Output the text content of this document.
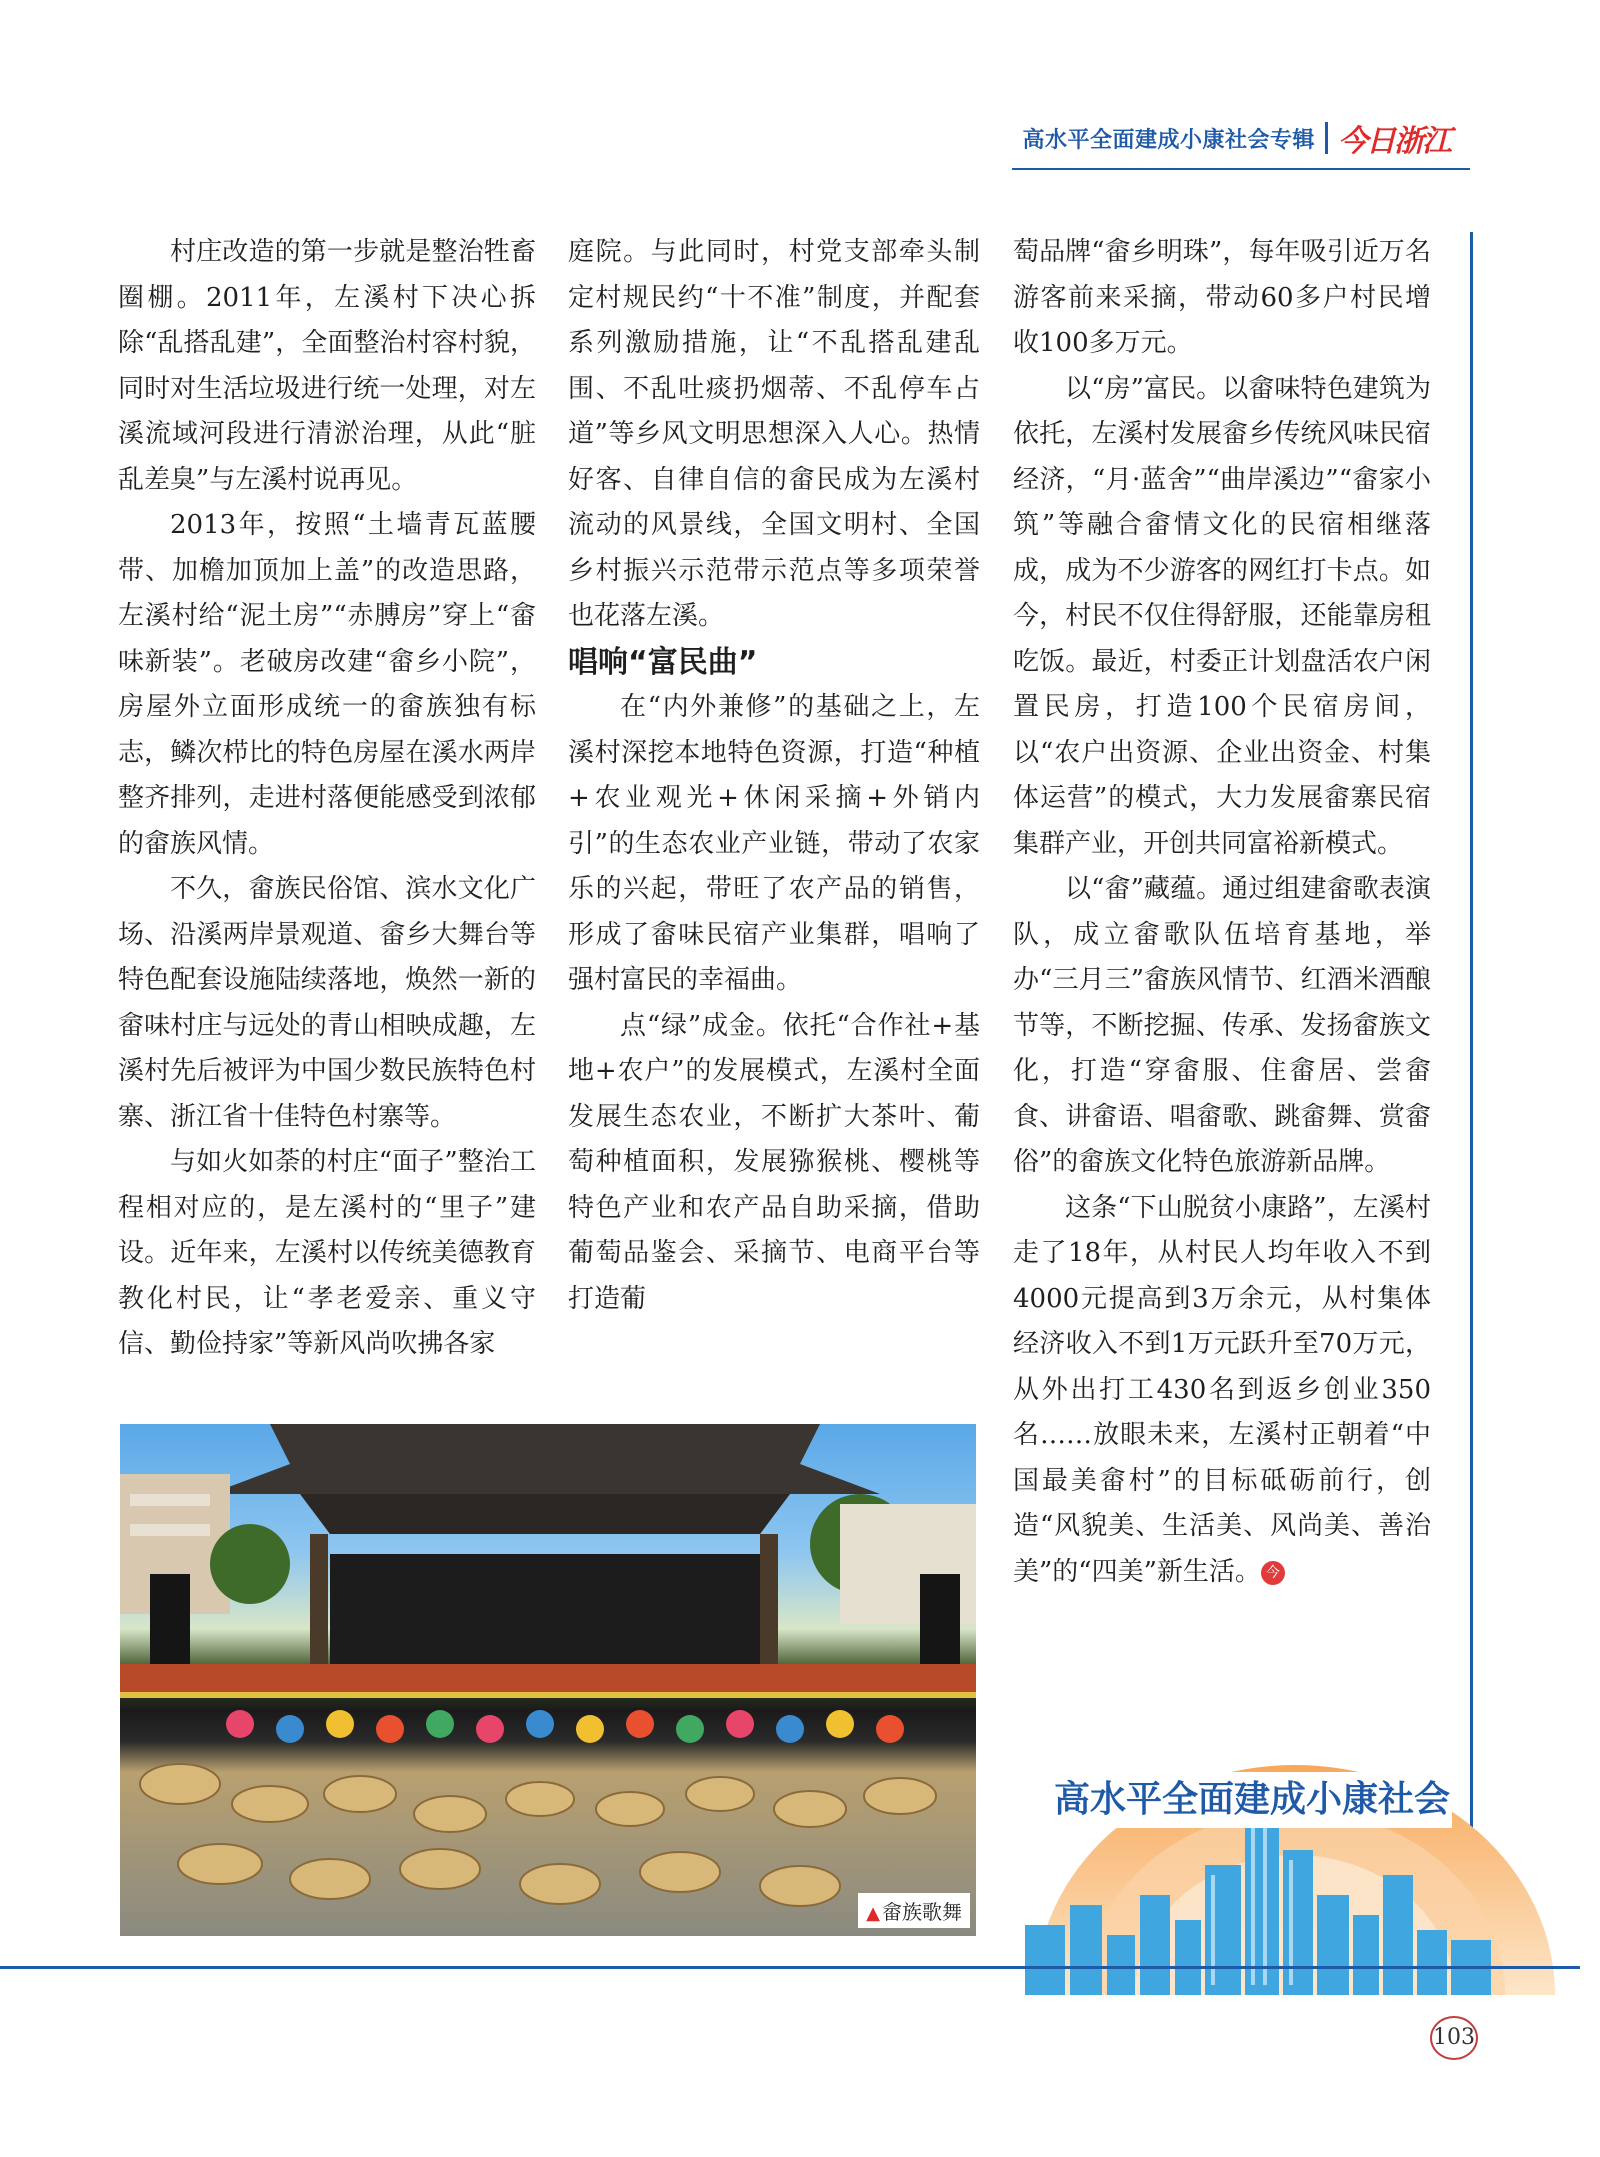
高水平全面建成小康社会专辑 今日浙江

村庄改造的第一步就是整治牲畜圈棚。2011年，左溪村下决心拆除“乱搭乱建”，全面整治村容村貌，同时对生活垃圾进行统一处理，对左溪流域河段进行清淤治理，从此“脏乱差臭”与左溪村说再见。

2013年，按照“土墙青瓦蓝腰带、加檐加顶加上盖”的改造思路，左溪村给“泥土房”“赤膊房”穿上“畲味新装”。老破房改建“畲乡小院”，房屋外立面形成统一的畲族独有标志，鳞次栉比的特色房屋在溪水两岸整齐排列，走进村落便能感受到浓郁的畲族风情。

不久，畲族民俗馆、滨水文化广场、沿溪两岸景观道、畲乡大舞台等特色配套设施陆续落地，焕然一新的畲味村庄与远处的青山相映成趣，左溪村先后被评为中国少数民族特色村寨、浙江省十佳特色村寨等。

与如火如荼的村庄“面子”整治工程相对应的，是左溪村的“里子”建设。近年来，左溪村以传统美德教育教化村民，让“孝老爱亲、重义守信、勤俭持家”等新风尚吹拂各家

庭院。与此同时，村党支部牵头制定村规民约“十不准”制度，并配套系列激励措施，让“不乱搭乱建乱围、不乱吐痰扔烟蒂、不乱停车占道”等乡风文明思想深入人心。热情好客、自律自信的畲民成为左溪村流动的风景线，全国文明村、全国乡村振兴示范带示范点等多项荣誉也花落左溪。

唱响“富民曲”

在“内外兼修”的基础之上，左溪村深挖本地特色资源，打造“种植+农业观光+休闲采摘+外销内引”的生态农业产业链，带动了农家乐的兴起，带旺了农产品的销售，形成了畲味民宿产业集群，唱响了强村富民的幸福曲。

点“绿”成金。依托“合作社+基地+农户”的发展模式，左溪村全面发展生态农业，不断扩大茶叶、葡萄种植面积，发展猕猴桃、樱桃等特色产业和农产品自助采摘，借助葡萄品鉴会、采摘节、电商平台等打造葡

萄品牌“畲乡明珠”，每年吸引近万名游客前来采摘，带动60多户村民增收100多万元。

以“房”富民。以畲味特色建筑为依托，左溪村发展畲乡传统风味民宿经济，“月·蓝舍”“曲岸溪边”“畲家小筑”等融合畲情文化的民宿相继落成，成为不少游客的网红打卡点。如今，村民不仅住得舒服，还能靠房租吃饭。最近，村委正计划盘活农户闲置民房，打造100个民宿房间，以“农户出资源、企业出资金、村集体运营”的模式，大力发展畲寨民宿集群产业，开创共同富裕新模式。

以“畲”藏蕴。通过组建畲歌表演队，成立畲歌队伍培育基地，举办“三月三”畲族风情节、红酒米酒酿节等，不断挖掘、传承、发扬畲族文化，打造“穿畲服、住畲居、尝畲食、讲畲语、唱畲歌、跳畲舞、赏畲俗”的畲族文化特色旅游新品牌。

这条“下山脱贫小康路”，左溪村走了18年，从村民人均年收入不到4000元提高到3万余元，从村集体经济收入不到1万元跃升至70万元，从外出打工430名到返乡创业350名……放眼未来，左溪村正朝着“中国最美畲村”的目标砥砺前行，创造“风貌美、生活美、风尚美、善治美”的“四美”新生活。 今

▲ 畲族歌舞
高水平全面建成小康社会
103
